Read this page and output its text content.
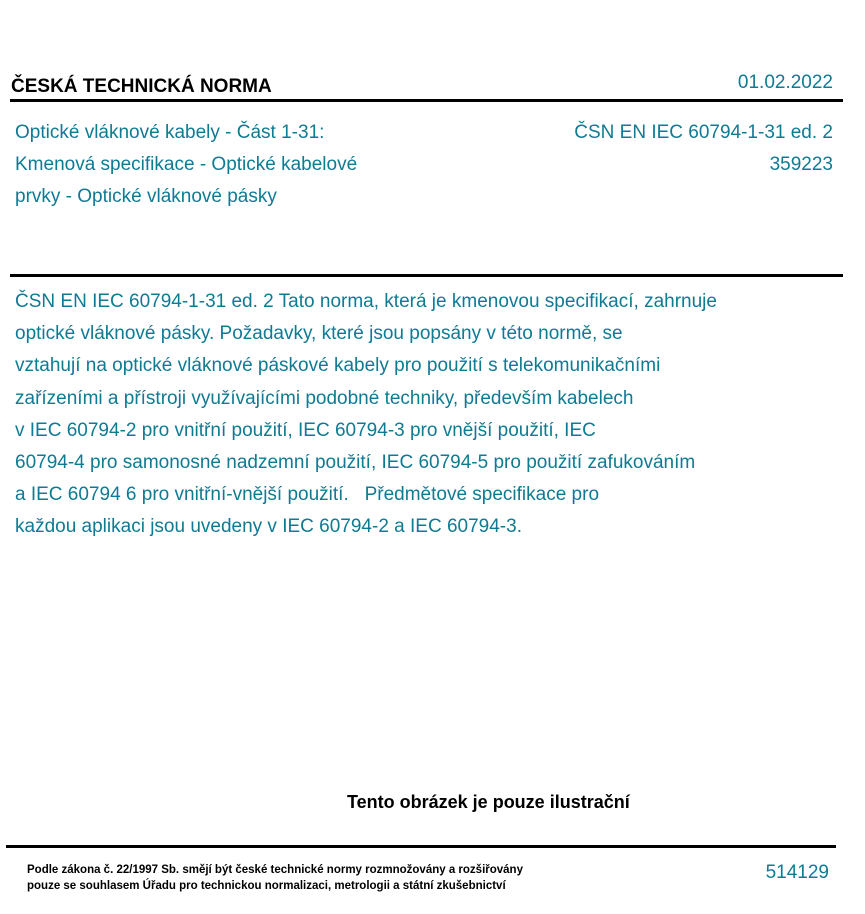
ČESKÁ TECHNICKÁ NORMA	01.02.2022
Optické vláknové kabely - Část 1-31:
Kmenová specifikace - Optické kabelové
prvky - Optické vláknové pásky
ČSN EN IEC 60794-1-31 ed. 2
359223
ČSN EN IEC 60794-1-31 ed. 2 Tato norma, která je kmenovou specifikací, zahrnuje
optické vláknové pásky. Požadavky, které jsou popsány v této normě, se
vztahují na optické vláknové páskové kabely pro použití s telekomunikačními
zařízeními a přístroji využívajícími podobné techniky, především kabelech
v IEC 60794-2 pro vnitřní použití, IEC 60794-3 pro vnější použití, IEC
60794-4 pro samonosné nadzemní použití, IEC 60794-5 pro použití zafukováním
a IEC 60794 6 pro vnitřní-vnější použití.   Předmětové specifikace pro
každou aplikaci jsou uvedeny v IEC 60794-2 a IEC 60794-3.
Tento obrázek je pouze ilustrační
Podle zákona č. 22/1997 Sb. smějí být české technické normy rozmnožovány a rozšiřovány
pouze se souhlasem Úřadu pro technickou normalizaci, metrologii a státní zkušebnictví
514129
